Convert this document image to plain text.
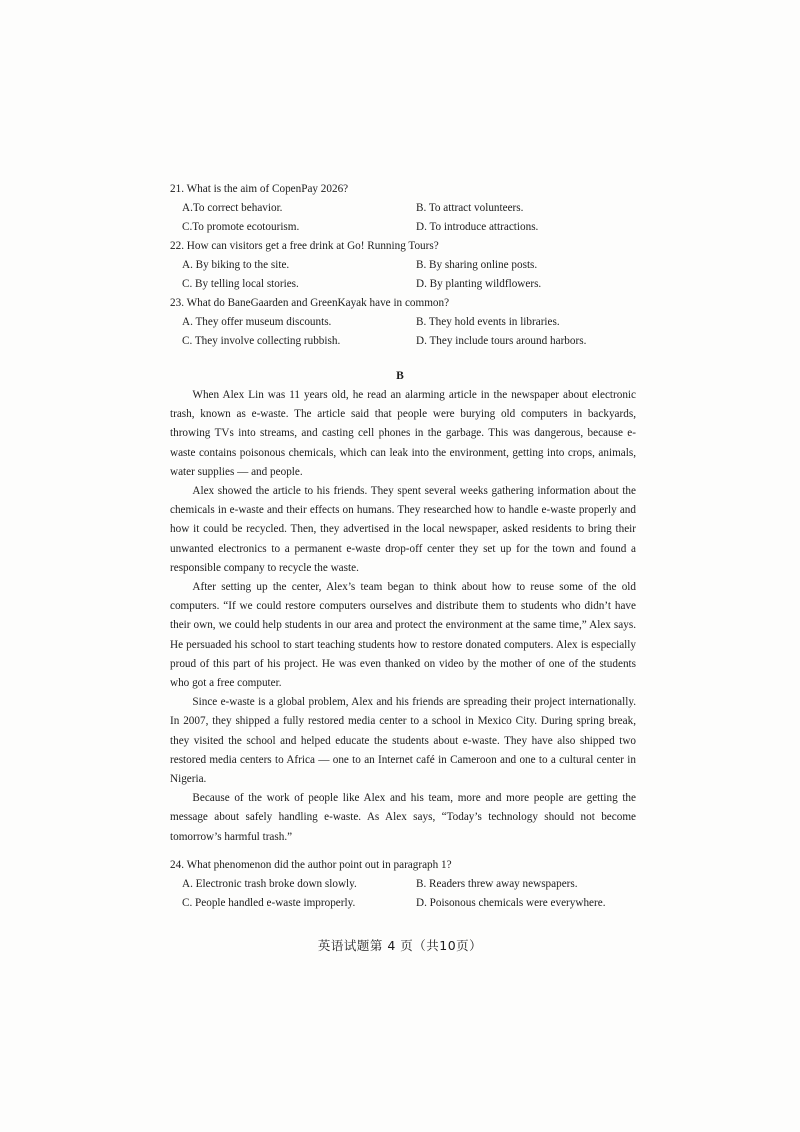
21. What is the aim of CopenPay 2026?
A.To correct behavior.	B. To attract volunteers.
C.To promote ecotourism.	D. To introduce attractions.
22. How can visitors get a free drink at Go! Running Tours?
A. By biking to the site.	B. By sharing online posts.
C. By telling local stories.	D. By planting wildflowers.
23. What do BaneGaarden and GreenKayak have in common?
A. They offer museum discounts.	B. They hold events in libraries.
C. They involve collecting rubbish.	D. They include tours around harbors.
B

When Alex Lin was 11 years old, he read an alarming article in the newspaper about electronic trash, known as e-waste. The article said that people were burying old computers in backyards, throwing TVs into streams, and casting cell phones in the garbage. This was dangerous, because e-waste contains poisonous chemicals, which can leak into the environment, getting into crops, animals, water supplies — and people.

Alex showed the article to his friends. They spent several weeks gathering information about the chemicals in e-waste and their effects on humans. They researched how to handle e-waste properly and how it could be recycled. Then, they advertised in the local newspaper, asked residents to bring their unwanted electronics to a permanent e-waste drop-off center they set up for the town and found a responsible company to recycle the waste.

After setting up the center, Alex’s team began to think about how to reuse some of the old computers. “If we could restore computers ourselves and distribute them to students who didn’t have their own, we could help students in our area and protect the environment at the same time,” Alex says. He persuaded his school to start teaching students how to restore donated computers. Alex is especially proud of this part of his project. He was even thanked on video by the mother of one of the students who got a free computer.

Since e-waste is a global problem, Alex and his friends are spreading their project internationally. In 2007, they shipped a fully restored media center to a school in Mexico City. During spring break, they visited the school and helped educate the students about e-waste. They have also shipped two restored media centers to Africa — one to an Internet café in Cameroon and one to a cultural center in Nigeria.

Because of the work of people like Alex and his team, more and more people are getting the message about safely handling e-waste. As Alex says, “Today’s technology should not become tomorrow’s harmful trash.”

24. What phenomenon did the author point out in paragraph 1?
A. Electronic trash broke down slowly.	B. Readers threw away newspapers.
C. People handled e-waste improperly.	D. Poisonous chemicals were everywhere.
英语试题第 4 页（共10页）
